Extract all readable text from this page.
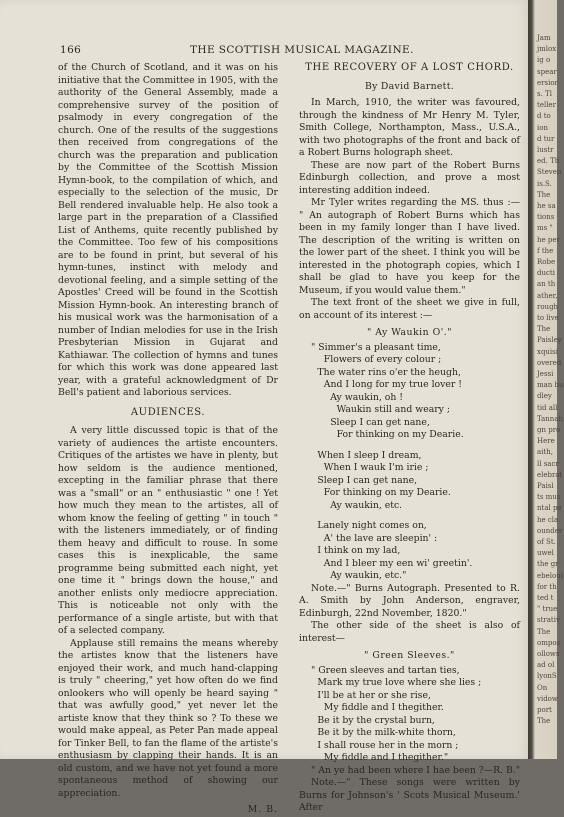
166	THE SCOTTISH MUSICAL MAGAZINE.

of the Church of Scotland, and it was on his initiative that the Committee in 1905, with the authority of the General Assembly, made a comprehensive survey of the position of psalmody in every congregation of the church. One of the results of the suggestions then received from congregations of the church was the preparation and publication by the Committee of the Scottish Mission Hymn-book, to the compilation of which, and especially to the selection of the music, Dr Bell rendered invaluable help. He also took a large part in the preparation of a Classified List of Anthems, quite recently published by the Committee. Too few of his compositions are to be found in print, but several of his hymn-tunes, instinct with melody and devotional feeling, and a simple setting of the Apostles' Creed will be found in the Scottish Mission Hymn-book. An interesting branch of his musical work was the harmonisation of a number of Indian melodies for use in the Irish Presbyterian Mission in Gujarat and Kathiawar. The collection of hymns and tunes for which this work was done appeared last year, with a grateful acknowledgment of Dr Bell's patient and laborious services.

AUDIENCES.

A very little discussed topic is that of the variety of audiences the artiste encounters. Critiques of the artistes we have in plenty, but how seldom is the audience mentioned, excepting in the familiar phrase that there was a "small" or an " enthusiastic " one ! Yet how much they mean to the artistes, all of whom know the feeling of getting " in touch " with the listeners immediately, or of finding them heavy and difficult to rouse. In some cases this is inexplicable, the same programme being submitted each night, yet one time it " brings down the house," and another enlists only mediocre appreciation. This is noticeable not only with the performance of a single artiste, but with that of a selected company.

Applause still remains the means whereby the artistes know that the listeners have enjoyed their work, and much hand-clapping is truly " cheering," yet how often do we find onlookers who will openly be heard saying " that was awfully good," yet never let the artiste know that they think so ? To these we would make appeal, as Peter Pan made appeal for Tinker Bell, to fan the flame of the artiste's enthusiasm by clapping their hands. It is an old custom, and we have not yet found a more spontaneous method of showing our appreciation.

M. B.
THE RECOVERY OF A LOST CHORD.
By David Barnett.

In March, 1910, the writer was favoured, through the kindness of Mr Henry M. Tyler, Smith College, Northampton, Mass., U.S.A., with two photographs of the front and back of a Robert Burns holograph sheet.

These are now part of the Robert Burns Edinburgh collection, and prove a most interesting addition indeed.

Mr Tyler writes regarding the MS. thus :— " An autograph of Robert Burns which has been in my family longer than I have lived. The description of the writing is written on the lower part of the sheet. I think you will be interested in the photograph copies, which I shall be glad to have you keep for the Museum, if you would value them."

The text front of the sheet we give in full, on account of its interest :—

" Ay Waukin O'."
" Simmer's a pleasant time,
Flowers of every colour ;
The water rins o'er the heugh,
And I long for my true lover !
Ay waukin, oh !
Waukin still and weary ;
Sleep I can get nane,
For thinking on my Dearie.
When I sleep I dream,
When I wauk I'm irie ;
Sleep I can get nane,
For thinking on my Dearie.
Ay waukin, etc.
Lanely night comes on,
A' the lave are sleepin' :
I think on my lad,
And I bleer my een wi' greetin'.
Ay waukin, etc."

Note.—" Burns Autograph. Presented to R. A. Smith by John Anderson, engraver, Edinburgh, 22nd November, 1820."

The other side of the sheet is also of interest—

" Green Sleeves."
" Green sleeves and tartan ties,
Mark my true love where she lies ;
I'll be at her or she rise,
My fiddle and I thegither.
Be it by the crystal burn,
Be it by the milk-white thorn,
I shall rouse her in the morn ;
My fiddle and I thegither."
" An ye had been where I hae been ?—R. B."

Note.—" These songs were written by Burns for Johnson's ' Scots Musical Museum.' After

Jam
jmlox
ig o
spear
ersior
s. Tl
teller
d to
ion
d tur
lustr
ed. Th
Steven
is.S.
The
he sa
tions
ms "
he per
f the
Robe
ducti
an th
ather,
rough
to live
The
Paisley
xquisi
overed
Jessi
man bu
dley
tid all
Tannah
gn pro
Here
aith,
ll sacr
elebrat
Paisl
ts mus
ntal pe
he cla
ounder
of St.
uwel
the gr
ebeloui
for th
ted t
" true
strativ
The
ompos
ollows
ad ol
lyonS
On
vidow
port
The
